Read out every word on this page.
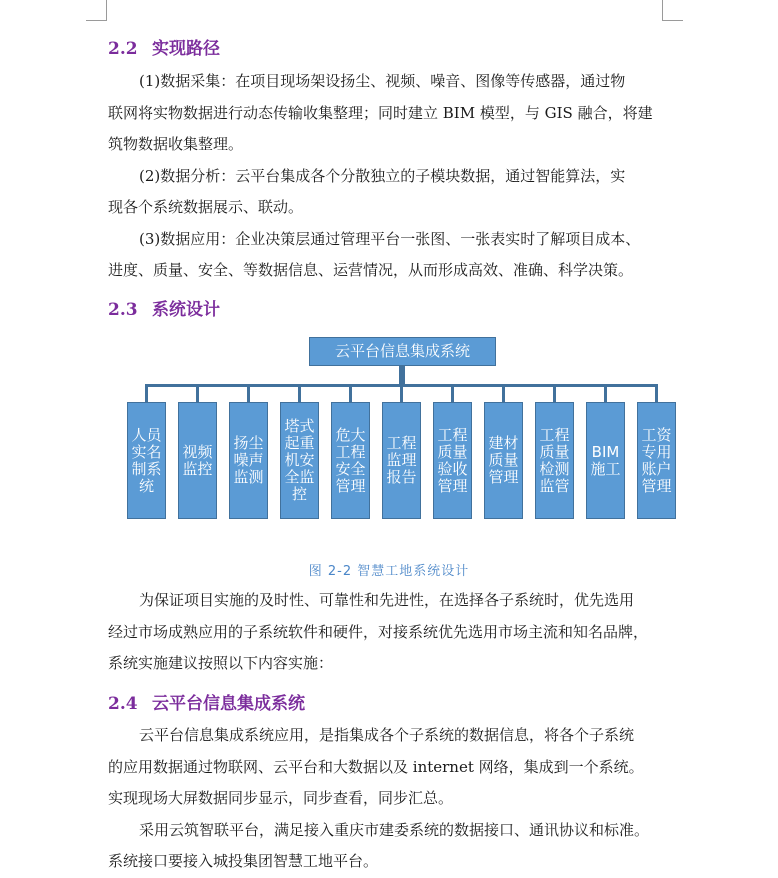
2.2 实现路径
(1)数据采集：在项目现场架设扬尘、视频、噪音、图像等传感器，通过物
联网将实物数据进行动态传输收集整理；同时建立 BIM 模型，与 GIS 融合，将建
筑物数据收集整理。
(2)数据分析：云平台集成各个分散独立的子模块数据，通过智能算法，实
现各个系统数据展示、联动。
(3)数据应用：企业决策层通过管理平台一张图、一张表实时了解项目成本、
进度、质量、安全、等数据信息、运营情况，从而形成高效、准确、科学决策。
2.3 系统设计
云平台信息集成系统
人员实名制系统
视频监控
扬尘噪声监测
塔式起重机安全监控
危大工程安全管理
工程监理报告
工程质量验收管理
建材质量管理
工程质量检测监管
BIM施工
工资专用账户管理
图 2-2 智慧工地系统设计
为保证项目实施的及时性、可靠性和先进性，在选择各子系统时，优先选用
经过市场成熟应用的子系统软件和硬件，对接系统优先选用市场主流和知名品牌，
系统实施建议按照以下内容实施：
2.4 云平台信息集成系统
云平台信息集成系统应用，是指集成各个子系统的数据信息，将各个子系统
的应用数据通过物联网、云平台和大数据以及 internet 网络，集成到一个系统。
实现现场大屏数据同步显示，同步查看，同步汇总。
采用云筑智联平台，满足接入重庆市建委系统的数据接口、通讯协议和标准。
系统接口要接入城投集团智慧工地平台。
